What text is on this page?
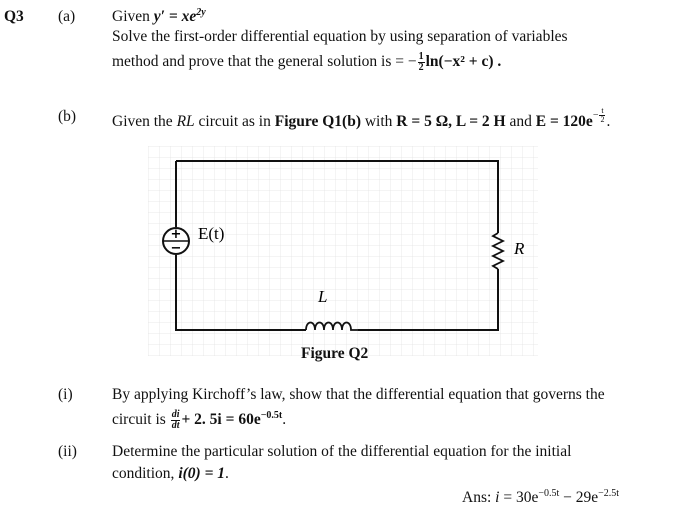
Q3 (a) Given $y' = xe^{2y}$
Solve the first-order differential equation by using separation of variables
method and prove that the general solution is = − $\frac{1}{2} \ln(-x^2 + c)$ .
(b) Given the RL circuit as in Figure Q1(b) with R = 5 Ω, L = 2 H and $E = 120e^{- \frac{t}{2}}$ .
+
−
E(t)
R
L
Figure Q2
(i)	By applying Kirchoff’s law, show that the differential equation that governs the
circuit is $\frac{di}{dt} + 2$. $5i = 60e^{-0.5t}$.
(ii) Determine the particular solution of the differential equation for the initial
condition, i(0) = 1.
Ans: $i = 30e^{-0.5t} - 29e^{-2.5t}$
